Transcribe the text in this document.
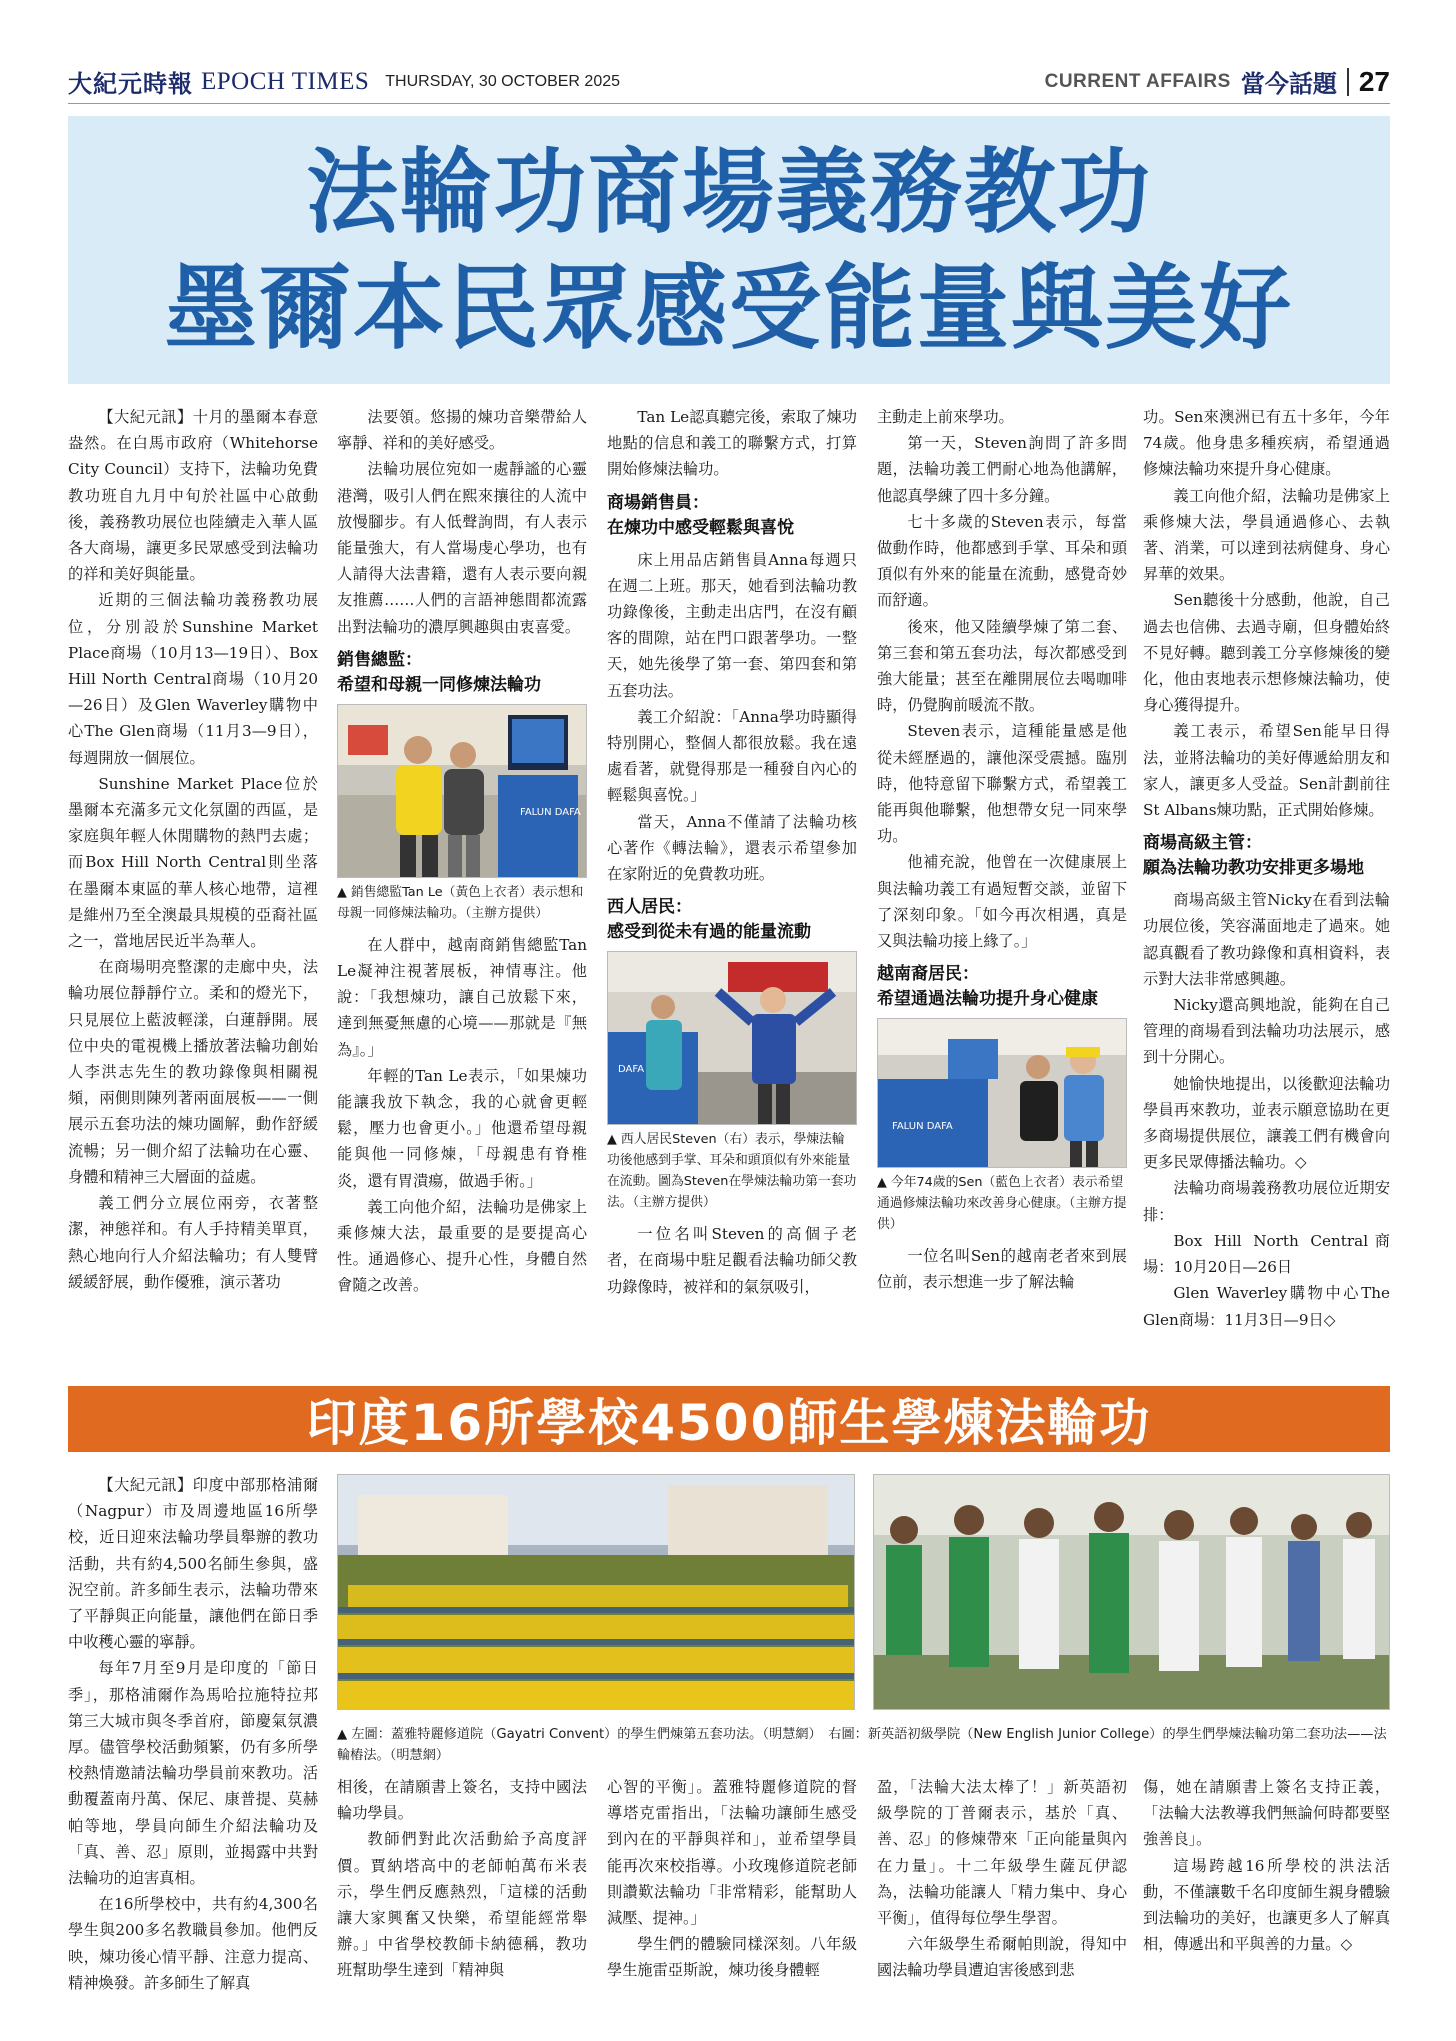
大紀元時報 EPOCH TIMES THURSDAY, 30 OCTOBER 2025	CURRENT AFFAIRS 當今話題 27
法輪功商場義務教功
墨爾本民眾感受能量與美好

【大紀元訊】十月的墨爾本春意盎然。在白馬市政府（Whitehorse City Council）支持下，法輪功免費教功班自九月中旬於社區中心啟動後，義務教功展位也陸續走入華人區各大商場，讓更多民眾感受到法輪功的祥和美好與能量。

近期的三個法輪功義務教功展位，分別設於Sunshine Market Place商場（10月13—19日）、Box Hill North Central商場（10月20—26日）及Glen Waverley購物中心The Glen商場（11月3—9日），每週開放一個展位。

Sunshine Market Place位於墨爾本充滿多元文化氛圍的西區，是家庭與年輕人休閒購物的熱門去處；而Box Hill North Central則坐落在墨爾本東區的華人核心地帶，這裡是維州乃至全澳最具規模的亞裔社區之一，當地居民近半為華人。

在商場明亮整潔的走廊中央，法輪功展位靜靜佇立。柔和的燈光下，只見展位上藍波輕漾，白蓮靜開。展位中央的電視機上播放著法輪功創始人李洪志先生的教功錄像與相關視頻，兩側則陳列著兩面展板——一側展示五套功法的煉功圖解，動作舒緩流暢；另一側介紹了法輪功在心靈、身體和精神三大層面的益處。

義工們分立展位兩旁，衣著整潔，神態祥和。有人手持精美單頁，熱心地向行人介紹法輪功；有人雙臂緩緩舒展，動作優雅，演示著功

法要領。悠揚的煉功音樂帶給人寧靜、祥和的美好感受。

法輪功展位宛如一處靜謐的心靈港灣，吸引人們在熙來攘往的人流中放慢腳步。有人低聲詢問，有人表示能量強大，有人當場虔心學功，也有人請得大法書籍，還有人表示要向親友推薦……人們的言語神態間都流露出對法輪功的濃厚興趣與由衷喜愛。

銷售總監：
希望和母親一同修煉法輪功
FALUN DAFA
▲ 銷售總監Tan Le（黃色上衣者）表示想和母親一同修煉法輪功。（主辦方提供）

在人群中，越南商銷售總監Tan Le凝神注視著展板，神情專注。他說：「我想煉功，讓自己放鬆下來，達到無憂無慮的心境——那就是『無為』。」

年輕的Tan Le表示，「如果煉功能讓我放下執念，我的心就會更輕鬆，壓力也會更小。」他還希望母親能與他一同修煉，「母親患有脊椎炎，還有胃潰瘍，做過手術。」

義工向他介紹，法輪功是佛家上乘修煉大法，最重要的是要提高心性。通過修心、提升心性，身體自然會隨之改善。

Tan Le認真聽完後，索取了煉功地點的信息和義工的聯繫方式，打算開始修煉法輪功。

商場銷售員：
在煉功中感受輕鬆與喜悅

床上用品店銷售員Anna每週只在週二上班。那天，她看到法輪功教功錄像後，主動走出店門，在沒有顧客的間隙，站在門口跟著學功。一整天，她先後學了第一套、第四套和第五套功法。

義工介紹說：「Anna學功時顯得特別開心，整個人都很放鬆。我在遠處看著，就覺得那是一種發自內心的輕鬆與喜悅。」

當天，Anna不僅請了法輪功核心著作《轉法輪》，還表示希望參加在家附近的免費教功班。

西人居民：
感受到從未有過的能量流動
DAFA
▲ 西人居民Steven（右）表示，學煉法輪功後他感到手掌、耳朵和頭頂似有外來能量在流動。圖為Steven在學煉法輪功第一套功法。（主辦方提供）

一位名叫Steven的高個子老者，在商場中駐足觀看法輪功師父教功錄像時，被祥和的氣氛吸引，

主動走上前來學功。

第一天，Steven詢問了許多問題，法輪功義工們耐心地為他講解，他認真學練了四十多分鐘。

七十多歲的Steven表示，每當做動作時，他都感到手掌、耳朵和頭頂似有外來的能量在流動，感覺奇妙而舒適。

後來，他又陸續學煉了第二套、第三套和第五套功法，每次都感受到強大能量；甚至在離開展位去喝咖啡時，仍覺胸前暖流不散。

Steven表示，這種能量感是他從未經歷過的，讓他深受震撼。臨別時，他特意留下聯繫方式，希望義工能再與他聯繫，他想帶女兒一同來學功。

他補充說，他曾在一次健康展上與法輪功義工有過短暫交談，並留下了深刻印象。「如今再次相遇，真是又與法輪功接上緣了。」

越南裔居民：
希望通過法輪功提升身心健康
FALUN DAFA
▲ 今年74歲的Sen（藍色上衣者）表示希望通過修煉法輪功來改善身心健康。（主辦方提供）

一位名叫Sen的越南老者來到展位前，表示想進一步了解法輪

功。Sen來澳洲已有五十多年，今年74歲。他身患多種疾病，希望通過修煉法輪功來提升身心健康。

義工向他介紹，法輪功是佛家上乘修煉大法，學員通過修心、去執著、消業，可以達到祛病健身、身心昇華的效果。

Sen聽後十分感動，他說，自己過去也信佛、去過寺廟，但身體始終不見好轉。聽到義工分享修煉後的變化，他由衷地表示想修煉法輪功，使身心獲得提升。

義工表示，希望Sen能早日得法，並將法輪功的美好傳遞給朋友和家人，讓更多人受益。Sen計劃前往St Albans煉功點，正式開始修煉。

商場高級主管：
願為法輪功教功安排更多場地

商場高級主管Nicky在看到法輪功展位後，笑容滿面地走了過來。她認真觀看了教功錄像和真相資料，表示對大法非常感興趣。

Nicky還高興地說，能夠在自己管理的商場看到法輪功功法展示，感到十分開心。

她愉快地提出，以後歡迎法輪功學員再來教功，並表示願意協助在更多商場提供展位，讓義工們有機會向更多民眾傳播法輪功。◇

法輪功商場義務教功展位近期安排：

Box Hill North Central商場：10月20日—26日

Glen Waverley購物中心The Glen商場：11月3日—9日◇

印度16所學校4500師生學煉法輪功

【大紀元訊】印度中部那格浦爾（Nagpur）市及周邊地區16所學校，近日迎來法輪功學員舉辦的教功活動，共有約4,500名師生參與，盛況空前。許多師生表示，法輪功帶來了平靜與正向能量，讓他們在節日季中收穫心靈的寧靜。

每年7月至9月是印度的「節日季」，那格浦爾作為馬哈拉施特拉邦第三大城市與冬季首府，節慶氣氛濃厚。儘管學校活動頻繁，仍有多所學校熱情邀請法輪功學員前來教功。活動覆蓋南丹萬、保尼、康普提、莫赫帕等地，學員向師生介紹法輪功及「真、善、忍」原則，並揭露中共對法輪功的迫害真相。

在16所學校中，共有約4,300名學生與200多名教職員參加。他們反映，煉功後心情平靜、注意力提高、精神煥發。許多師生了解真

▲ 左圖：蓋雅特麗修道院（Gayatri Convent）的學生們煉第五套功法。（明慧網）　右圖：新英語初級學院（New English Junior College）的學生們學煉法輪功第二套功法——法輪樁法。（明慧網）

相後，在請願書上簽名，支持中國法輪功學員。

教師們對此次活動給予高度評價。賈納塔高中的老師帕萬布米表示，學生們反應熱烈，「這樣的活動讓大家興奮又快樂，希望能經常舉辦。」中省學校教師卡納德稱，教功班幫助學生達到「精神與

心智的平衡」。蓋雅特麗修道院的督導塔克雷指出，「法輪功讓師生感受到內在的平靜與祥和」，並希望學員能再次來校指導。小玫瑰修道院老師則讚歎法輪功「非常精彩，能幫助人減壓、提神。」

學生們的體驗同樣深刻。八年級學生施雷亞斯說，煉功後身體輕

盈，「法輪大法太棒了！」新英語初級學院的丁普爾表示，基於「真、善、忍」的修煉帶來「正向能量與內在力量」。十二年級學生薩瓦伊認為，法輪功能讓人「精力集中、身心平衡」，值得每位學生學習。

六年級學生希爾帕則說，得知中國法輪功學員遭迫害後感到悲

傷，她在請願書上簽名支持正義，「法輪大法教導我們無論何時都要堅強善良」。

這場跨越16所學校的洪法活動，不僅讓數千名印度師生親身體驗到法輪功的美好，也讓更多人了解真相，傳遞出和平與善的力量。◇
